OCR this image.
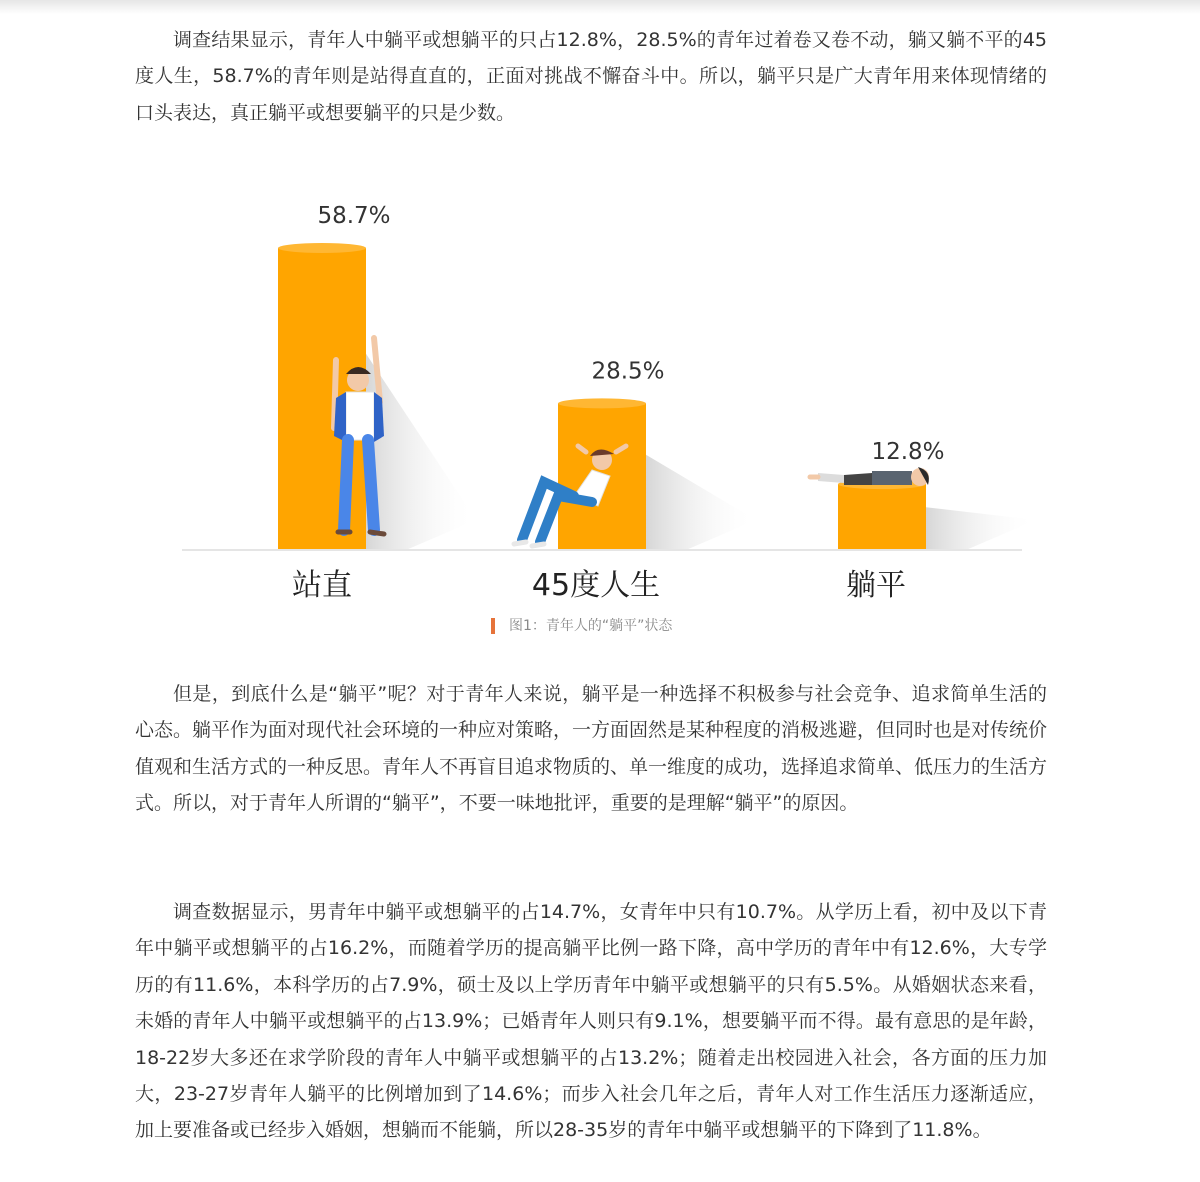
调查结果显示，青年人中躺平或想躺平的只占12.8%，28.5%的青年过着卷又卷不动，躺又躺不平的45度人生，58.7%的青年则是站得直直的，正面对挑战不懈奋斗中。所以，躺平只是广大青年用来体现情绪的口头表达，真正躺平或想要躺平的只是少数。

但是，到底什么是“躺平”呢？对于青年人来说，躺平是一种选择不积极参与社会竞争、追求简单生活的心态。躺平作为面对现代社会环境的一种应对策略，一方面固然是某种程度的消极逃避，但同时也是对传统价值观和生活方式的一种反思。青年人不再盲目追求物质的、单一维度的成功，选择追求简单、低压力的生活方式。所以，对于青年人所谓的“躺平”，不要一味地批评，重要的是理解“躺平”的原因。

调查数据显示，男青年中躺平或想躺平的占14.7%，女青年中只有10.7%。从学历上看，初中及以下青年中躺平或想躺平的占16.2%，而随着学历的提高躺平比例一路下降，高中学历的青年中有12.6%，大专学历的有11.6%，本科学历的占7.9%，硕士及以上学历青年中躺平或想躺平的只有5.5%。从婚姻状态来看，未婚的青年人中躺平或想躺平的占13.9%；已婚青年人则只有9.1%，想要躺平而不得。最有意思的是年龄，18-22岁大多还在求学阶段的青年人中躺平或想躺平的占13.2%；随着走出校园进入社会，各方面的压力加大，23-27岁青年人躺平的比例增加到了14.6%；而步入社会几年之后，青年人对工作生活压力逐渐适应，加上要准备或已经步入婚姻，想躺而不能躺，所以28-35岁的青年中躺平或想躺平的下降到了11.8%。

58.7%
站直
28.5%
45度人生
12.8%
躺平
图1：青年人的“躺平”状态
